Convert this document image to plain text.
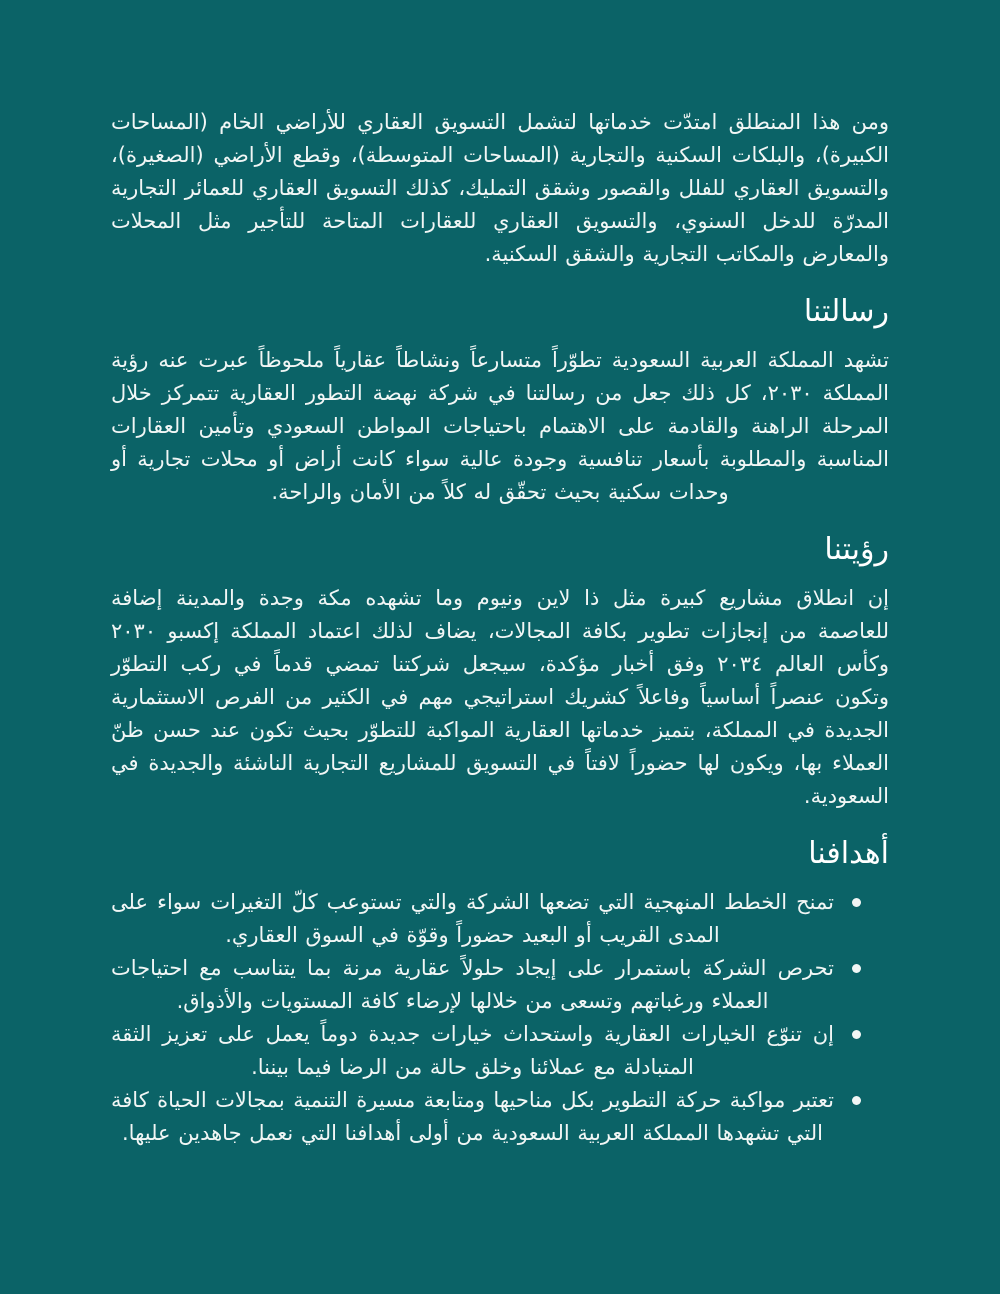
ومن هذا المنطلق امتدّت خدماتها لتشمل التسويق العقاري للأراضي الخام (المساحات الكبيرة)، والبلكات السكنية والتجارية (المساحات المتوسطة)، وقطع الأراضي (الصغيرة)، والتسويق العقاري للفلل والقصور وشقق التمليك، كذلك التسويق العقاري للعمائر التجارية المدرّة للدخل السنوي، والتسويق العقاري للعقارات المتاحة للتأجير مثل المحلات والمعارض والمكاتب التجارية والشقق السكنية.

رسالتنا

تشهد المملكة العربية السعودية تطوّراً متسارعاً ونشاطاً عقارياً ملحوظاً عبرت عنه رؤية المملكة ٢٠٣٠، كل ذلك جعل من رسالتنا في شركة نهضة التطور العقارية تتمركز خلال المرحلة الراهنة والقادمة على الاهتمام باحتياجات المواطن السعودي وتأمين العقارات المناسبة والمطلوبة بأسعار تنافسية وجودة عالية سواء كانت أراض أو محلات تجارية أو وحدات سكنية بحيث تحقّق له كلاً من الأمان والراحة.

رؤيتنا

إن انطلاق مشاريع كبيرة مثل ذا لاين ونيوم وما تشهده مكة وجدة والمدينة إضافة للعاصمة من إنجازات تطوير بكافة المجالات، يضاف لذلك اعتماد المملكة إكسبو ٢٠٣٠ وكأس العالم ٢٠٣٤ وفق أخبار مؤكدة، سيجعل شركتنا تمضي قدماً في ركب التطوّر وتكون عنصراً أساسياً وفاعلاً كشريك استراتيجي مهم في الكثير من الفرص الاستثمارية الجديدة في المملكة، بتميز خدماتها العقارية المواكبة للتطوّر بحيث تكون عند حسن ظنّ العملاء بها، ويكون لها حضوراً لافتاً في التسويق للمشاريع التجارية الناشئة والجديدة في السعودية.

أهدافنا
تمنح الخطط المنهجية التي تضعها الشركة والتي تستوعب كلّ التغيرات سواء على المدى القريب أو البعيد حضوراً وقوّة في السوق العقاري.
تحرص الشركة باستمرار على إيجاد حلولاً عقارية مرنة بما يتناسب مع احتياجات العملاء ورغباتهم وتسعى من خلالها لإرضاء كافة المستويات والأذواق.
إن تنوّع الخيارات العقارية واستحداث خيارات جديدة دوماً يعمل على تعزيز الثقة المتبادلة مع عملائنا وخلق حالة من الرضا فيما بيننا.
تعتبر مواكبة حركة التطوير بكل مناحيها ومتابعة مسيرة التنمية بمجالات الحياة كافة التي تشهدها المملكة العربية السعودية من أولى أهدافنا التي نعمل جاهدين عليها.
